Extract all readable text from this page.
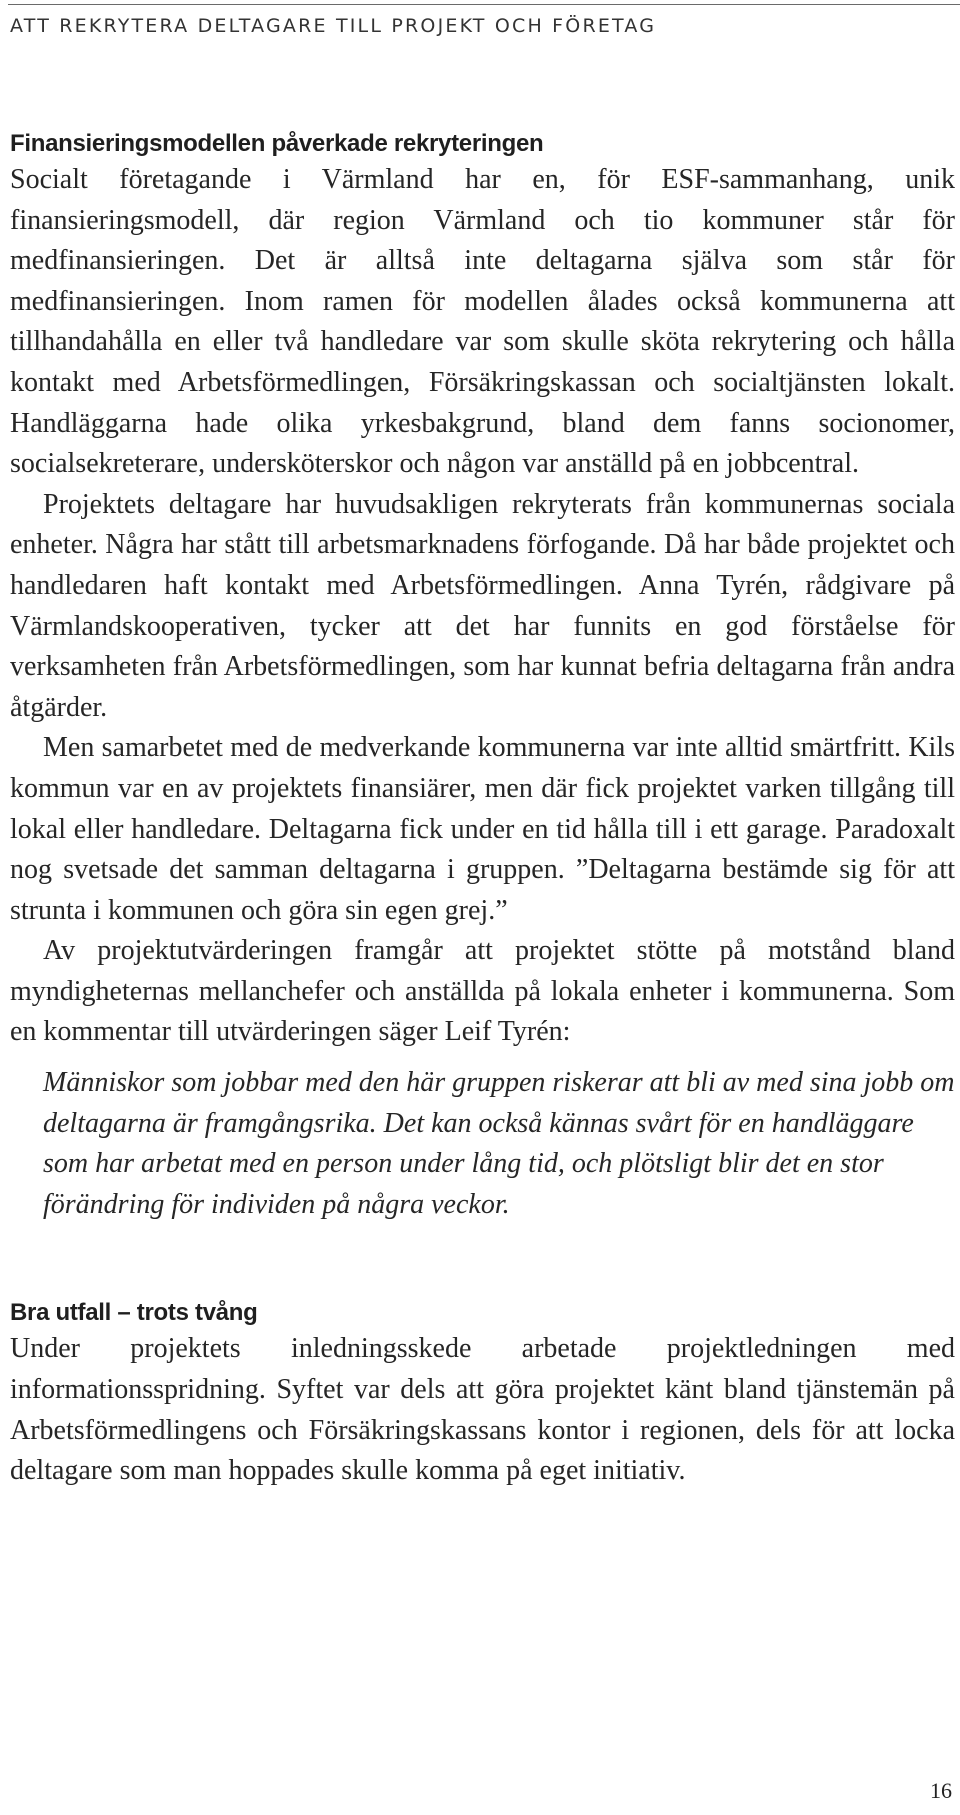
ATT REKRYTERA DELTAGARE TILL PROJEKT OCH FÖRETAG
Finansieringsmodellen påverkade rekryteringen

Socialt företagande i Värmland har en, för ESF-sammanhang, unik finansieringsmodell, där region Värmland och tio kommuner står för medfinansieringen. Det är alltså inte deltagarna själva som står för medfinansieringen. Inom ramen för modellen ålades också kommunerna att tillhandahålla en eller två handledare var som skulle sköta rekrytering och hålla kontakt med Arbetsförmedlingen, Försäkringskassan och socialtjänsten lokalt. Handläggarna hade olika yrkesbakgrund, bland dem fanns socionomer, socialsekreterare, undersköterskor och någon var anställd på en jobbcentral.

Projektets deltagare har huvudsakligen rekryterats från kommunernas sociala enheter. Några har stått till arbetsmarknadens förfogande. Då har både projektet och handledaren haft kontakt med Arbetsförmedlingen. Anna Tyrén, rådgivare på Värmlandskooperativen, tycker att det har funnits en god förståelse för verksamheten från Arbetsförmedlingen, som har kunnat befria deltagarna från andra åtgärder.

Men samarbetet med de medverkande kommunerna var inte alltid smärtfritt. Kils kommun var en av projektets finansiärer, men där fick projektet varken tillgång till lokal eller handledare. Deltagarna fick under en tid hålla till i ett garage. Paradoxalt nog svetsade det samman deltagarna i gruppen. ”Deltagarna bestämde sig för att strunta i kommunen och göra sin egen grej.”

Av projektutvärderingen framgår att projektet stötte på motstånd bland myndigheternas mellanchefer och anställda på lokala enheter i kommunerna. Som en kommentar till utvärderingen säger Leif Tyrén:

Människor som jobbar med den här gruppen riskerar att bli av med sina jobb om deltagarna är framgångsrika. Det kan också kännas svårt för en handläggare som har arbetat med en person under lång tid, och plötsligt blir det en stor förändring för individen på några veckor.

Bra utfall – trots tvång

Under projektets inledningsskede arbetade projektledningen med informationsspridning. Syftet var dels att göra projektet känt bland tjänstemän på Arbetsförmedlingens och Försäkringskassans kontor i regionen, dels för att locka deltagare som man hoppades skulle komma på eget initiativ.

16
